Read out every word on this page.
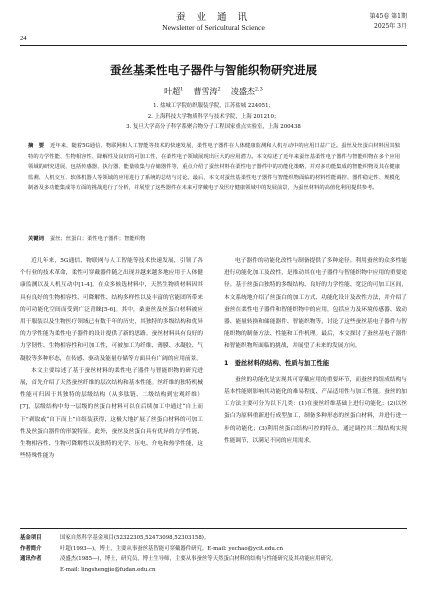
蚕 业 通 讯
Newsletter of Sericultural Science
24
第45卷 第1期
2025年 3月
蚕丝基柔性电子器件与智能织物研究进展
叶超$^1$ 曹雪涛$^2$ 凌盛杰$^{2,3}$
1. 盐城工学院纺织服装学院，江苏盐城 224051；
2. 上海科技大学物质科学与技术学院，上海 201210；
3. 复旦大学高分子科学系聚合物分子工程国家重点实验室，上海 200438
摘　要 近年来，随着5G通信、物联网和人工智能等技术的快速发展，柔性电子器件在人体健康监测和人机互动中的应用日益广泛。蚕丝及丝蛋白材料因其独特的力学性能、生物相容性、降解性及良好的可加工性，在柔性电子领域展现出巨大的应用潜力。本文综述了近年来蚕丝基柔性电子器件与智能织物在多个应用领域的研究进展，包括传感器、执行器、能量收集与存储器件等，重点介绍了蚕丝材料在柔性电子器件中的功能化策略，并对多功能集成的智能织物及其在健康监测、人机交互、软体机器人等领域的应用进行了系统的总结与讨论。最后，本文对蚕丝基柔性电子器件与智能织物面临的材料性能调控、器件稳定性、规模化制备及多功能集成等方面的挑战进行了分析，并展望了这些器件在未来可穿戴电子及医疗健康领域中的发展前景，为蚕丝材料的高值化利用提供参考。
关键词 蚕丝；丝蛋白；柔性电子器件；智能织物

近几年来，5G通信、物联网与人工智能等技术快速发展，引领了各个行业的技术革命，柔性可穿戴器件随之出现并越来越多地应用于人体健康监测以及人机互动中[1-4]。在众多候选材料中，天然生物质材料因其具有良好的生物相容性、可降解性、结构多样性以及丰富的官能团所带来的可功能化空间而受到广泛青睐[5-6]。其中，桑蚕丝及丝蛋白材料被应用于服装以及生物医疗领域已有数千年的历史，其独特的多级结构和优异的力学性能为柔性电子器件的设计提供了新的思路。蚕丝材料具有良好的力学韧性、生物相容性和可加工性，可被加工为纤维、薄膜、水凝胶、气凝胶等多种形态，在传感、驱动及能量存储等方面具有广阔的应用前景。

本文主要综述了基于蚕丝材料的柔性电子器件与智能织物的研究进展，首先介绍了天然蚕丝纤维的层次结构和基本性能。丝纤维的独特机械性能可归因于其独特的层级结构（从多肽链、二级结构到宏观纤维）[7]，层级结构中每一层级的丝蛋白材料可以在后续加工中通过“自上而下”剥取或“自下而上”自组装获得，这极大地扩展了丝蛋白材料的可加工性及丝蛋白器件的形貌特征。此外，蚕丝及丝蛋白具有优异的力学性能、生物相容性、生物可降解性以及独特的光学、压电、介电和热学性能，这些特殊性能为

电子器件的功能化改性与制备提供了多种途径。利用蚕丝的众多性能进行功能化加工及改性，是推动其在电子器件与智能织物中应用的重要途径。基于丝蛋白独特的多级结构、良好的力学性能、宽泛的可加工区间，本文系统地介绍了丝蛋白的加工方式、功能化设计及改性方法，并介绍了蚕丝在柔性电子器件和智能织物中的应用，包括应力及环境传感器、致动器、能量转换和储能器件、智能织物等，讨论了这些蚕丝基电子器件与智能织物的制备方法、性能和工作机理。最后，本文探讨了蚕丝基电子器件和智能织物所面临的挑战，并展望了未来的发展方向。

1　蚕丝材料的结构、性质与加工性能

蚕丝的功能化是实现其可穿戴应用的重要环节，而蚕丝的组成结构与基本性能则影响其功能化的难易程度、产品适用性与加工性能。蚕丝的加工方法主要可分为以下几类：(1)在蚕丝纤维基础上进行功能化；(2)以丝蛋白为原料重新进行成型加工，制备多种形态的丝蛋白材料，并进行进一步的功能化；(3)利用丝蛋白结构可控的特点，通过调控其二级结构实现性能调节，以满足不同的应用需求。

基金项目	国家自然科学基金项目(52322305,52473098,52303158)。
作者简介	叶超(1993—)，博士，主要从事蚕丝基智能可穿戴器件研究。E-mail: yechao@ycit.edu.cn
通讯作者	凌盛杰(1985—)，博士，研究员，博士生导师，主要从事蚕丝等天然蛋白材料的结构与性能研究及其功能应用研究。
E-mail: lingshengjie@fudan.edu.cn
